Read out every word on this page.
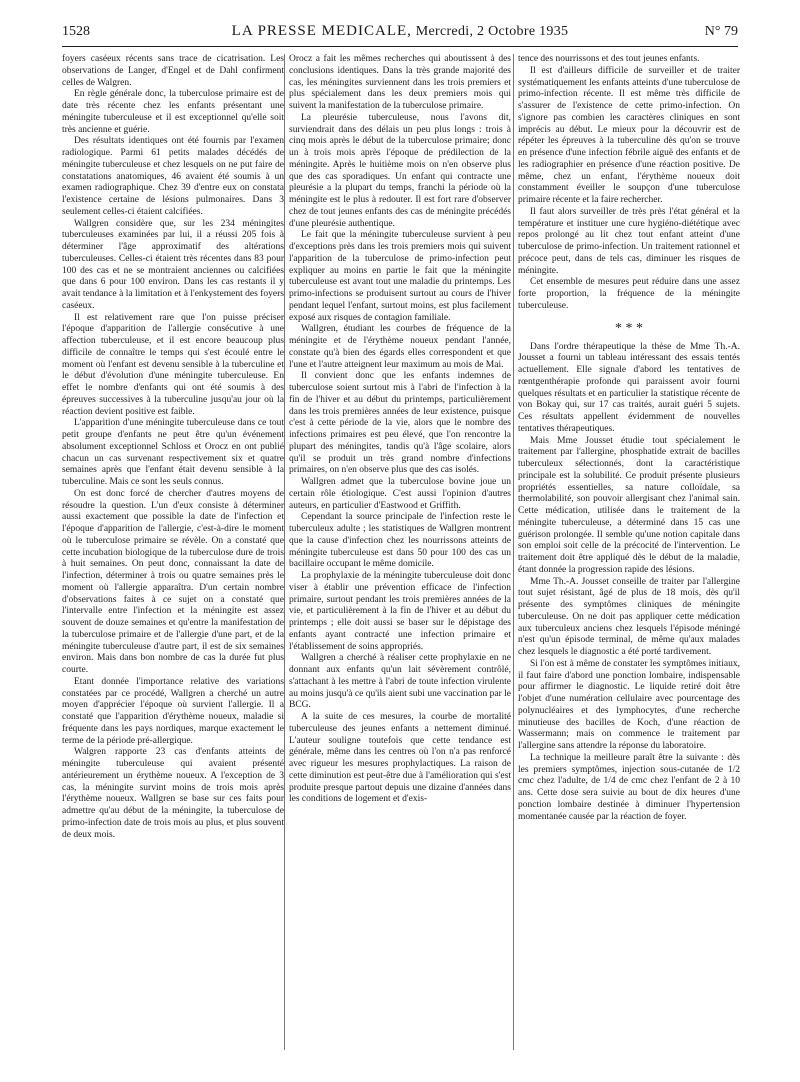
1528	LA PRESSE MEDICALE, Mercredi, 2 Octobre 1935	N° 79

foyers caséeux récents sans trace de cicatrisation. Les observations de Langer, d'Engel et de Dahl confirment celles de Walgren.

En règle générale donc, la tuberculose primaire est de date très récente chez les enfants présentant une méningite tuberculeuse et il est exceptionnel qu'elle soit très ancienne et guérie.

Des résultats identiques ont été fournis par l'examen radiologique. Parmi 61 petits malades décédés de méningite tuberculeuse et chez lesquels on ne put faire de constatations anatomiques, 46 avaient été soumis à un examen radiographique. Chez 39 d'entre eux on constata l'existence certaine de lésions pulmonaires. Dans 3 seulement celles-ci étaient calcifiées.

Wallgren considère que, sur les 234 méningites tuberculeuses examinées par lui, il a réussi 205 fois à déterminer l'âge approximatif des altérations tuberculeuses. Celles-ci étaient très récentes dans 83 pour 100 des cas et ne se montraient anciennes ou calcifiées que dans 6 pour 100 environ. Dans les cas restants il y avait tendance à la limitation et à l'enkystement des foyers caséeux.

Il est relativement rare que l'on puisse préciser l'époque d'apparition de l'allergie consécutive à une affection tuberculeuse, et il est encore beaucoup plus difficile de connaître le temps qui s'est écoulé entre le moment où l'enfant est devenu sensible à la tuberculine et le début d'évolution d'une méningite tuberculeuse. En effet le nombre d'enfants qui ont été soumis à des épreuves successives à la tuberculine jusqu'au jour où la réaction devient positive est faible.

L'apparition d'une méningite tuberculeuse dans ce tout petit groupe d'enfants ne peut être qu'un événement absolument exceptionnel Schloss et Orocz en ont publié chacun un cas survenant respectivement six et quatre semaines après que l'enfant était devenu sensible à la tuberculine. Mais ce sont les seuls connus.

On est donc forcé de chercher d'autres moyens de résoudre la question. L'un d'eux consiste à déterminer aussi exactement que possible la date de l'infection et l'époque d'apparition de l'allergie, c'est-à-dire le moment où le tuberculose primaire se révèle. On a constaté que cette incubation biologique de la tuberculose dure de trois à huit semaines. On peut donc, connaissant la date de l'infection, déterminer à trois ou quatre semaines près le moment où l'allergie apparaîtra. D'un certain nombre d'observations faites à ce sujet on a constaté que l'intervalle entre l'infection et la méningite est assez souvent de douze semaines et qu'entre la manifestation de la tuberculose primaire et de l'allergie d'une part, et de la méningite tuberculeuse d'autre part, il est de six semaines environ. Mais dans bon nombre de cas la durée fut plus courte.

Etant donnée l'importance relative des variations constatées par ce procédé, Wallgren a cherché un autre moyen d'apprécier l'époque où survient l'allergie. Il a constaté que l'apparition d'érythème noueux, maladie si fréquente dans les pays nordiques, marque exactement le terme de la période pré-allergique.

Walgren rapporte 23 cas d'enfants atteints de méningite tuberculeuse qui avaient présenté antérieurement un érythème noueux. A l'exception de 3 cas, la méningite survint moins de trois mois après l'érythème noueux. Wallgren se base sur ces faits pour admettre qu'au début de la méningite, la tuberculose de primo-infection date de trois mois au plus, et plus souvent de deux mois.

Orocz a fait les mêmes recherches qui aboutissent à des conclusions identiques. Dans la très grande majorité des cas, les méningites surviennent dans les trois premiers et plus spécialement dans les deux premiers mois qui suivent la manifestation de la tuberculose primaire.

La pleurésie tuberculeuse, nous l'avons dit, surviendrait dans des délais un peu plus longs : trois à cinq mois après le début de la tuberculose primaire; donc un à trois mois après l'époque de prédilection de la méningite. Après le huitième mois on n'en observe plus que des cas sporadiques. Un enfant qui contracte une pleurésie a la plupart du temps, franchi la période où la méningite est le plus à redouter. Il est fort rare d'observer chez de tout jeunes enfants des cas de méningite précédés d'une pleurésie authentique.

Le fait que la méningite tuberculeuse survient à peu d'exceptions près dans les trois premiers mois qui suivent l'apparition de la tuberculose de primo-infection peut expliquer au moins en partie le fait que la méningite tuberculeuse est avant tout une maladie du printemps. Les primo-infections se produisent surtout au cours de l'hiver pendant lequel l'enfant, surtout moins, est plus facilement exposé aux risques de contagion familiale.

Wallgren, étudiant les courbes de fréquence de la méningite et de l'érythème noueux pendant l'année, constate qu'à bien des égards elles correspondent et que l'une et l'autre atteignent leur maximum au mois de Mai.

Il convient donc que les enfants indemnes de tuberculose soient surtout mis à l'abri de l'infection à la fin de l'hiver et au début du printemps, particulièrement dans les trois premières années de leur existence, puisque c'est à cette période de la vie, alors que le nombre des infections primaires est peu élevé, que l'on rencontre la plupart des méningites, tandis qu'à l'âge scolaire, alors qu'il se produit un très grand nombre d'infections primaires, on n'en observe plus que des cas isolés.

Wallgren admet que la tuberculose bovine joue un certain rôle étiologique. C'est aussi l'opinion d'autres auteurs, en particulier d'Eastwood et Griffith.

Cependant la source principale de l'infection reste le tuberculeux adulte ; les statistiques de Wallgren montrent que la cause d'infection chez les nourrissons atteints de méningite tuberculeuse est dans 50 pour 100 des cas un bacillaire occupant le même domicile.

La prophylaxie de la méningite tuberculeuse doit donc viser à établir une prévention efficace de l'infection primaire, surtout pendant les trois premières années de la vie, et particulièrement à la fin de l'hiver et au début du printemps ; elle doit aussi se baser sur le dépistage des enfants ayant contracté une infection primaire et l'établissement de soins appropriés.

Wallgren a cherché à réaliser cette prophylaxie en ne donnant aux enfants qu'un lait sévèrement contrôlé, s'attachant à les mettre à l'abri de toute infection virulente au moins jusqu'à ce qu'ils aient subi une vaccination par le BCG.

A la suite de ces mesures, la courbe de mortalité tuberculeuse des jeunes enfants a nettement diminué. L'auteur souligne toutefois que cette tendance est générale, même dans les centres où l'on n'a pas renforcé avec rigueur les mesures prophylactiques. La raison de cette diminution est peut-être due à l'amélioration qui s'est produite presque partout depuis une dizaine d'années dans les conditions de logement et d'exis-

tence des nourrissons et des tout jeunes enfants.

Il est d'ailleurs difficile de surveiller et de traiter systématiquement les enfants atteints d'une tuberculose de primo-infection récente. Il est même très difficile de s'assurer de l'existence de cette primo-infection. On s'ignore pas combien les caractères cliniques en sont imprécis au début. Le mieux pour la découvrir est de répéter les épreuves à la tuberculine dès qu'on se trouve en présence d'une infection fébrile aiguë des enfants et de les radiographier en présence d'une réaction positive. De même, chez un enfant, l'érythème noueux doit constamment éveiller le soupçon d'une tuberculose primaire récente et la faire rechercher.

Il faut alors surveiller de très près l'état général et la température et instituer une cure hygiéno-diététique avec repos prolongé au lit chez tout enfant atteint d'une tuberculose de primo-infection. Un traitement rationnel et précoce peut, dans de tels cas, diminuer les risques de méningite.

Cet ensemble de mesures peut réduire dans une assez forte proportion, la fréquence de la méningite tuberculeuse.

* * *

Dans l'ordre thérapeutique la thèse de Mme Th.-A. Jousset a fourni un tableau intéressant des essais tentés actuellement. Elle signale d'abord les tentatives de rœntgenthérapie profonde qui paraissent avoir fourni quelques résultats et en particulier la statistique récente de von Bokay qui, sur 17 cas traités, aurait guéri 5 sujets. Ces résultats appellent évidemment de nouvelles tentatives thérapeutiques.

Mais Mme Jousset étudie tout spécialement le traitement par l'allergine, phosphatide extrait de bacilles tuberculeux sélectionnés, dont la caractéristique principale est la solubilité. Ce produit présente plusieurs propriétés essentielles, sa nature colloïdale, sa thermolabilité, son pouvoir allergisant chez l'animal sain. Cette médication, utilisée dans le traitement de la méningite tuberculeuse, a déterminé dans 15 cas une guérison prolongée. Il semble qu'une notion capitale dans son emploi soit celle de la précocité de l'intervention. Le traitement doit être appliqué dès le début de la maladie, étant donnée la progression rapide des lésions.

Mme Th.-A. Jousset conseille de traiter par l'allergine tout sujet résistant, âgé de plus de 18 mois, dès qu'il présente des symptômes cliniques de méningite tuberculeuse. On ne doit pas appliquer cette médication aux tuberculeux anciens chez lesquels l'épisode méningé n'est qu'un épisode terminal, de même qu'aux malades chez lesquels le diagnostic a été porté tardivement.

Si l'on est à même de constater les symptômes initiaux, il faut faire d'abord une ponction lombaire, indispensable pour affirmer le diagnostic. Le liquide retiré doit être l'objet d'une numération cellulaire avec pourcentage des polynucléaires et des lymphocytes, d'une recherche minutieuse des bacilles de Koch, d'une réaction de Wassermann; mais on commence le traitement par l'allergine sans attendre la réponse du laboratoire.

La technique la meilleure paraît être la suivante : dès les premiers symptômes, injection sous-cutanée de 1/2 cmc chez l'adulte, de 1/4 de cmc chez l'enfant de 2 à 10 ans. Cette dose sera suivie au bout de dix heures d'une ponction lombaire destinée à diminuer l'hypertension momentanée causée par la réaction de foyer.
